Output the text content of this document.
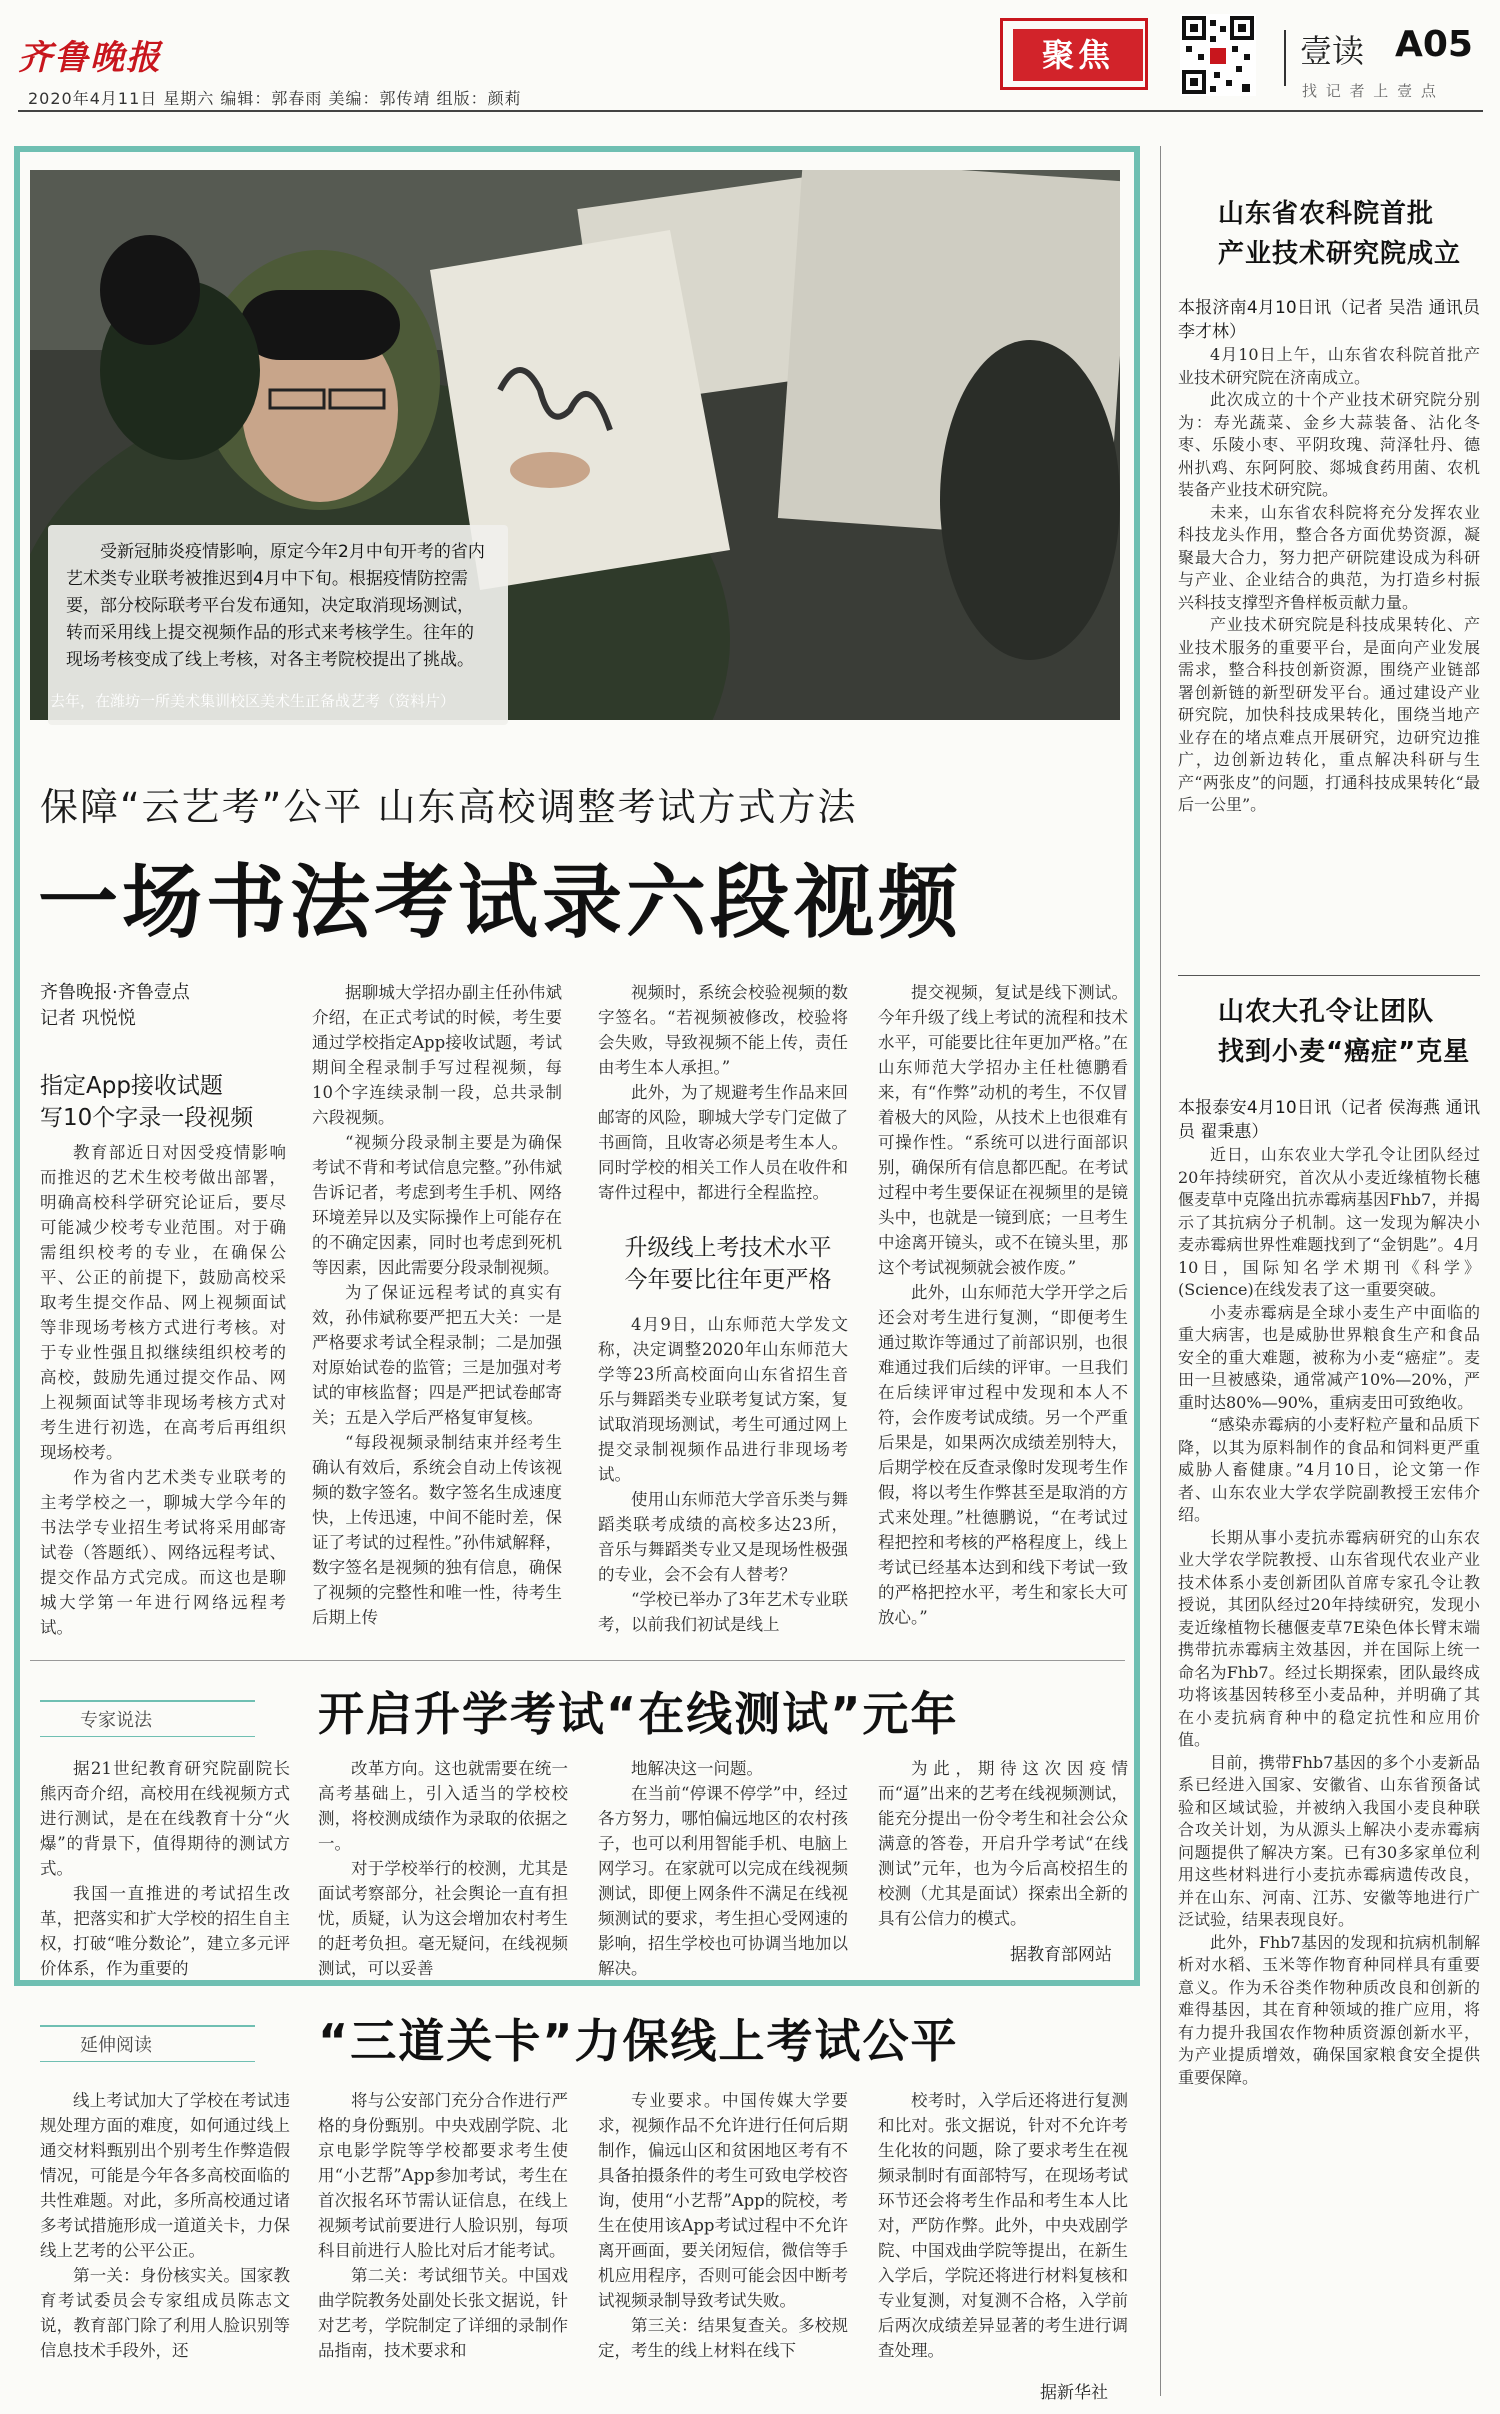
齐鲁晚报
2020年4月11日 星期六 编辑：郭春雨 美编：郭传靖 组版：颜莉
聚焦	壹读 A05
找 记 者 上 壹 点

受新冠肺炎疫情影响，原定今年2月中旬开考的省内艺术类专业联考被推迟到4月中下旬。根据疫情防控需要，部分校际联考平台发布通知，决定取消现场测试，转而采用线上提交视频作品的形式来考核学生。往年的现场考核变成了线上考核，对各主考院校提出了挑战。

去年，在潍坊一所美术集训校区美术生正备战艺考（资料片）
保障“云艺考”公平 山东高校调整考试方式方法
一场书法考试录六段视频
齐鲁晚报·齐鲁壹点
记者 巩悦悦
指定App接收试题
写10个字录一段视频

教育部近日对因受疫情影响而推迟的艺术生校考做出部署，明确高校科学研究论证后，要尽可能减少校考专业范围。对于确需组织校考的专业，在确保公平、公正的前提下，鼓励高校采取考生提交作品、网上视频面试等非现场考核方式进行考核。对于专业性强且拟继续组织校考的高校，鼓励先通过提交作品、网上视频面试等非现场考核方式对考生进行初选，在高考后再组织现场校考。

作为省内艺术类专业联考的主考学校之一，聊城大学今年的书法学专业招生考试将采用邮寄试卷（答题纸）、网络远程考试、提交作品方式完成。而这也是聊城大学第一年进行网络远程考试。

据聊城大学招办副主任孙伟斌介绍，在正式考试的时候，考生要通过学校指定App接收试题，考试期间全程录制手写过程视频，每10个字连续录制一段，总共录制六段视频。

“视频分段录制主要是为确保考试不背和考试信息完整。”孙伟斌告诉记者，考虑到考生手机、网络环境差异以及实际操作上可能存在的不确定因素，同时也考虑到死机等因素，因此需要分段录制视频。

为了保证远程考试的真实有效，孙伟斌称要严把五大关：一是严格要求考试全程录制；二是加强对原始试卷的监管；三是加强对考试的审核监督；四是严把试卷邮寄关；五是入学后严格复审复核。

“每段视频录制结束并经考生确认有效后，系统会自动上传该视频的数字签名。数字签名生成速度快，上传迅速，中间不能时差，保证了考试的过程性。”孙伟斌解释，数字签名是视频的独有信息，确保了视频的完整性和唯一性，待考生后期上传

视频时，系统会校验视频的数字签名。“若视频被修改，校验将会失败，导致视频不能上传，责任由考生本人承担。”

此外，为了规避考生作品来回邮寄的风险，聊城大学专门定做了书画筒，且收寄必须是考生本人。同时学校的相关工作人员在收件和寄件过程中，都进行全程监控。

升级线上考技术水平
今年要比往年更严格

4月9日，山东师范大学发文称，决定调整2020年山东师范大学等23所高校面向山东省招生音乐与舞蹈类专业联考复试方案，复试取消现场测试，考生可通过网上提交录制视频作品进行非现场考试。

使用山东师范大学音乐类与舞蹈类联考成绩的高校多达23所，音乐与舞蹈类专业又是现场性极强的专业，会不会有人替考？

“学校已举办了3年艺术专业联考，以前我们初试是线上

提交视频，复试是线下测试。今年升级了线上考试的流程和技术水平，可能要比往年更加严格。”在山东师范大学招办主任杜德鹏看来，有“作弊”动机的考生，不仅冒着极大的风险，从技术上也很难有可操作性。“系统可以进行面部识别，确保所有信息都匹配。在考试过程中考生要保证在视频里的是镜头中，也就是一镜到底；一旦考生中途离开镜头，或不在镜头里，那这个考试视频就会被作废。”

此外，山东师范大学开学之后还会对考生进行复测，“即便考生通过欺诈等通过了前部识别，也很难通过我们后续的评审。一旦我们在后续评审过程中发现和本人不符，会作废考试成绩。另一个严重后果是，如果两次成绩差别特大，后期学校在反查录像时发现考生作假，将以考生作弊甚至是取消的方式来处理。”杜德鹏说，“在考试过程把控和考核的严格程度上，线上考试已经基本达到和线下考试一致的严格把控水平，考生和家长大可放心。”

专家说法	开启升学考试“在线测试”元年

据21世纪教育研究院副院长熊丙奇介绍，高校用在线视频方式进行测试，是在在线教育十分“火爆”的背景下，值得期待的测试方式。

我国一直推进的考试招生改革，把落实和扩大学校的招生自主权，打破“唯分数论”，建立多元评价体系，作为重要的

改革方向。这也就需要在统一高考基础上，引入适当的学校校测，将校测成绩作为录取的依据之一。

对于学校举行的校测，尤其是面试考察部分，社会舆论一直有担忧，质疑，认为这会增加农村考生的赶考负担。毫无疑问，在线视频测试，可以妥善

地解决这一问题。

在当前“停课不停学”中，经过各方努力，哪怕偏远地区的农村孩子，也可以利用智能手机、电脑上网学习。在家就可以完成在线视频测试，即便上网条件不满足在线视频测试的要求，考生担心受网速的影响，招生学校也可协调当地加以解决。

为此，期待这次因疫情而“逼”出来的艺考在线视频测试，能充分提出一份令考生和社会公众满意的答卷，开启升学考试“在线测试”元年，也为今后高校招生的校测（尤其是面试）探索出全新的具有公信力的模式。

据教育部网站
延伸阅读	“三道关卡”力保线上考试公平

线上考试加大了学校在考试违规处理方面的难度，如何通过线上通交材料甄别出个别考生作弊造假情况，可能是今年各多高校面临的共性难题。对此，多所高校通过诸多考试措施形成一道道关卡，力保线上艺考的公平公正。

第一关：身份核实关。国家教育考试委员会专家组成员陈志文说，教育部门除了利用人脸识别等信息技术手段外，还

将与公安部门充分合作进行严格的身份甄别。中央戏剧学院、北京电影学院等学校都要求考生使用“小艺帮”App参加考试，考生在首次报名环节需认证信息，在线上视频考试前要进行人脸识别，每项科目前进行人脸比对后才能考试。

第二关：考试细节关。中国戏曲学院教务处副处长张文据说，针对艺考，学院制定了详细的录制作品指南，技术要求和

专业要求。中国传媒大学要求，视频作品不允许进行任何后期制作，偏远山区和贫困地区考有不具备拍摄条件的考生可致电学校咨询，使用“小艺帮”App的院校，考生在使用该App考试过程中不允许离开画面，要关闭短信，微信等手机应用程序，否则可能会因中断考试视频录制导致考试失败。

第三关：结果复查关。多校规定，考生的线上材料在线下

校考时，入学后还将进行复测和比对。张文据说，针对不允许考生化妆的问题，除了要求考生在视频录制时有面部特写，在现场考试环节还会将考生作品和考生本人比对，严防作弊。此外，中央戏剧学院、中国戏曲学院等提出，在新生入学后，学院还将进行材料复核和专业复测，对复测不合格，入学前后两次成绩差异显著的考生进行调查处理。

据新华社
山东省农科院首批
产业技术研究院成立

本报济南4月10日讯（记者 吴浩 通讯员 李才林）

4月10日上午，山东省农科院首批产业技术研究院在济南成立。

此次成立的十个产业技术研究院分别为：寿光蔬菜、金乡大蒜装备、沾化冬枣、乐陵小枣、平阴玫瑰、菏泽牡丹、德州扒鸡、东阿阿胶、郯城食药用菌、农机装备产业技术研究院。

未来，山东省农科院将充分发挥农业科技龙头作用，整合各方面优势资源，凝聚最大合力，努力把产研院建设成为科研与产业、企业结合的典范，为打造乡村振兴科技支撑型齐鲁样板贡献力量。

产业技术研究院是科技成果转化、产业技术服务的重要平台，是面向产业发展需求，整合科技创新资源，围绕产业链部署创新链的新型研发平台。通过建设产业研究院，加快科技成果转化，围绕当地产业存在的堵点难点开展研究，边研究边推广，边创新边转化，重点解决科研与生产“两张皮”的问题，打通科技成果转化“最后一公里”。

山农大孔令让团队
找到小麦“癌症”克星

本报泰安4月10日讯（记者 侯海燕 通讯员 翟秉惠）

近日，山东农业大学孔令让团队经过20年持续研究，首次从小麦近缘植物长穗偃麦草中克隆出抗赤霉病基因Fhb7，并揭示了其抗病分子机制。这一发现为解决小麦赤霉病世界性难题找到了“金钥匙”。4月10日，国际知名学术期刊《科学》(Science)在线发表了这一重要突破。

小麦赤霉病是全球小麦生产中面临的重大病害，也是威胁世界粮食生产和食品安全的重大难题，被称为小麦“癌症”。麦田一旦被感染，通常减产10%—20%，严重时达80%—90%，重病麦田可致绝收。

“感染赤霉病的小麦籽粒产量和品质下降，以其为原料制作的食品和饲料更严重威胁人畜健康。”4月10日，论文第一作者、山东农业大学农学院副教授王宏伟介绍。

长期从事小麦抗赤霉病研究的山东农业大学农学院教授、山东省现代农业产业技术体系小麦创新团队首席专家孔令让教授说，其团队经过20年持续研究，发现小麦近缘植物长穗偃麦草7E染色体长臂末端携带抗赤霉病主效基因，并在国际上统一命名为Fhb7。经过长期探索，团队最终成功将该基因转移至小麦品种，并明确了其在小麦抗病育种中的稳定抗性和应用价值。

目前，携带Fhb7基因的多个小麦新品系已经进入国家、安徽省、山东省预备试验和区域试验，并被纳入我国小麦良种联合攻关计划，为从源头上解决小麦赤霉病问题提供了解决方案。已有30多家单位利用这些材料进行小麦抗赤霉病遗传改良，并在山东、河南、江苏、安徽等地进行广泛试验，结果表现良好。

此外，Fhb7基因的发现和抗病机制解析对水稻、玉米等作物育种同样具有重要意义。作为禾谷类作物种质改良和创新的难得基因，其在育种领域的推广应用，将有力提升我国农作物种质资源创新水平，为产业提质增效，确保国家粮食安全提供重要保障。
